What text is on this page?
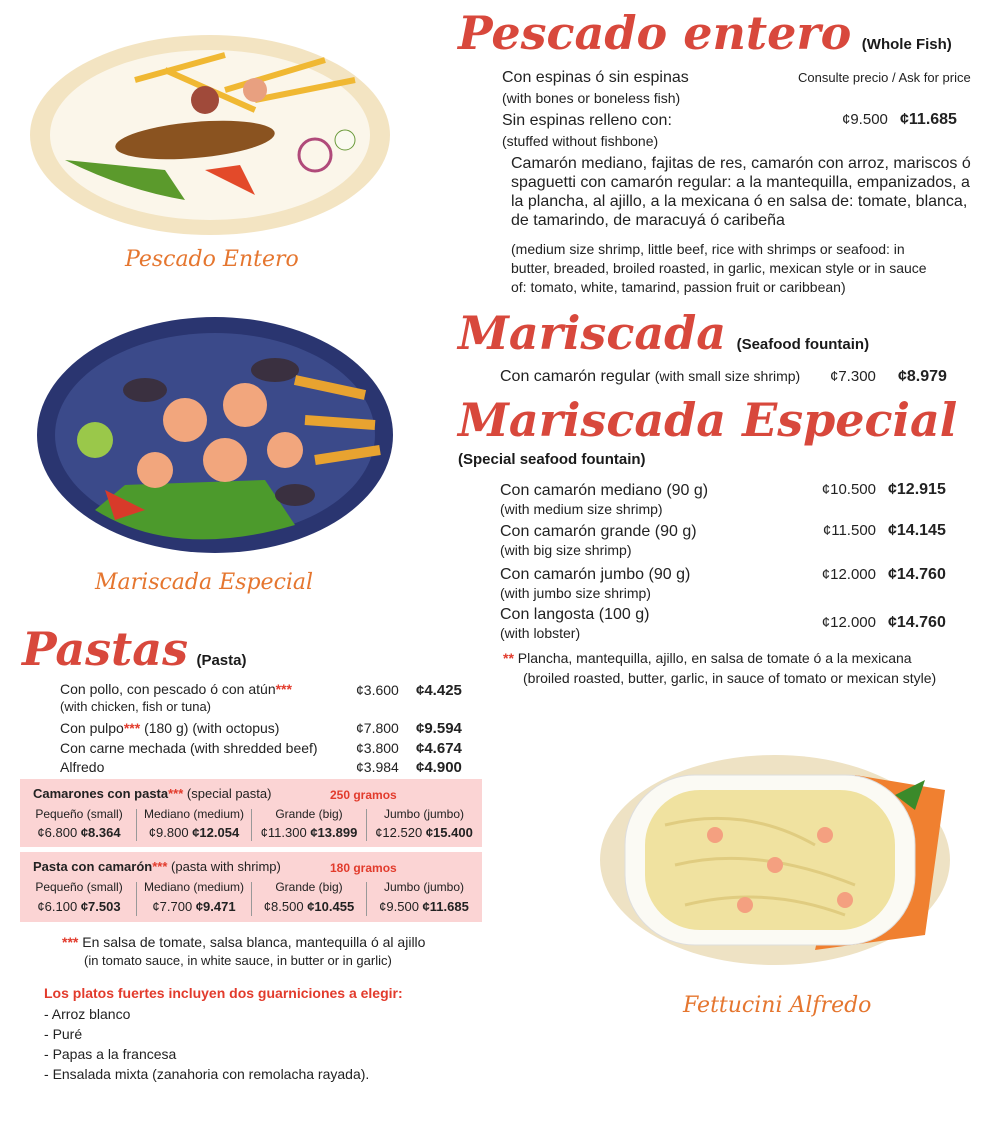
Pescado Entero
Mariscada Especial
Fettucini Alfredo
Pescado entero (Whole Fish)
Con espinas ó sin espinas
(with bones or boneless fish)
Consulte precio / Ask for price
Sin espinas relleno con:
(stuffed without fishbone)
¢9.500 ¢11.685
Camarón mediano, fajitas de res, camarón con arroz, mariscos ó spaguetti con camarón regular: a la mantequilla, empanizados, a la plancha, al ajillo, a la mexicana ó en salsa de: tomate, blanca, de tamarindo, de maracuyá ó caribeña
(medium size shrimp, little beef, rice with shrimps or seafood: in butter, breaded, broiled roasted, in garlic, mexican style or in sauce of: tomato, white, tamarind, passion fruit or caribbean)
Mariscada (Seafood fountain)
Con camarón regular (with small size shrimp) ¢7.300 ¢8.979
Mariscada Especial
(Special seafood fountain)
Con camarón mediano (90 g)
(with medium size shrimp)
¢10.500 ¢12.915
Con camarón grande (90 g)
(with big size shrimp)
¢11.500 ¢14.145
Con camarón jumbo (90 g)
(with jumbo size shrimp)
¢12.000 ¢14.760
Con langosta (100 g)
(with lobster)
¢12.000 ¢14.760
** Plancha, mantequilla, ajillo, en salsa de tomate ó a la mexicana
(broiled roasted, butter, garlic, in sauce of tomato or mexican style)
Pastas (Pasta)
Con pollo, con pescado ó con atún***
(with chicken, fish or tuna)
¢3.600 ¢4.425
Con pulpo*** (180 g) (with octopus)	¢7.800 ¢9.594
Con carne mechada (with shredded beef)	¢3.800 ¢4.674
Alfredo	¢3.984 ¢4.900
Camarones con pasta*** (special pasta)	250 gramos
Pequeño (small)	Mediano (medium)	Grande (big)	Jumbo (jumbo)
¢6.800 ¢8.364	¢9.800 ¢12.054	¢11.300 ¢13.899	¢12.520 ¢15.400
Pasta con camarón*** (pasta with shrimp)	180 gramos
Pequeño (small)	Mediano (medium)	Grande (big)	Jumbo (jumbo)
¢6.100 ¢7.503	¢7.700 ¢9.471	¢8.500 ¢10.455	¢9.500 ¢11.685
*** En salsa de tomate, salsa blanca, mantequilla ó al ajillo
(in tomato sauce, in white sauce, in butter or in garlic)
Los platos fuertes incluyen dos guarniciones a elegir:
- Arroz blanco
- Puré
- Papas a la francesa
- Ensalada mixta (zanahoria con remolacha rayada).
